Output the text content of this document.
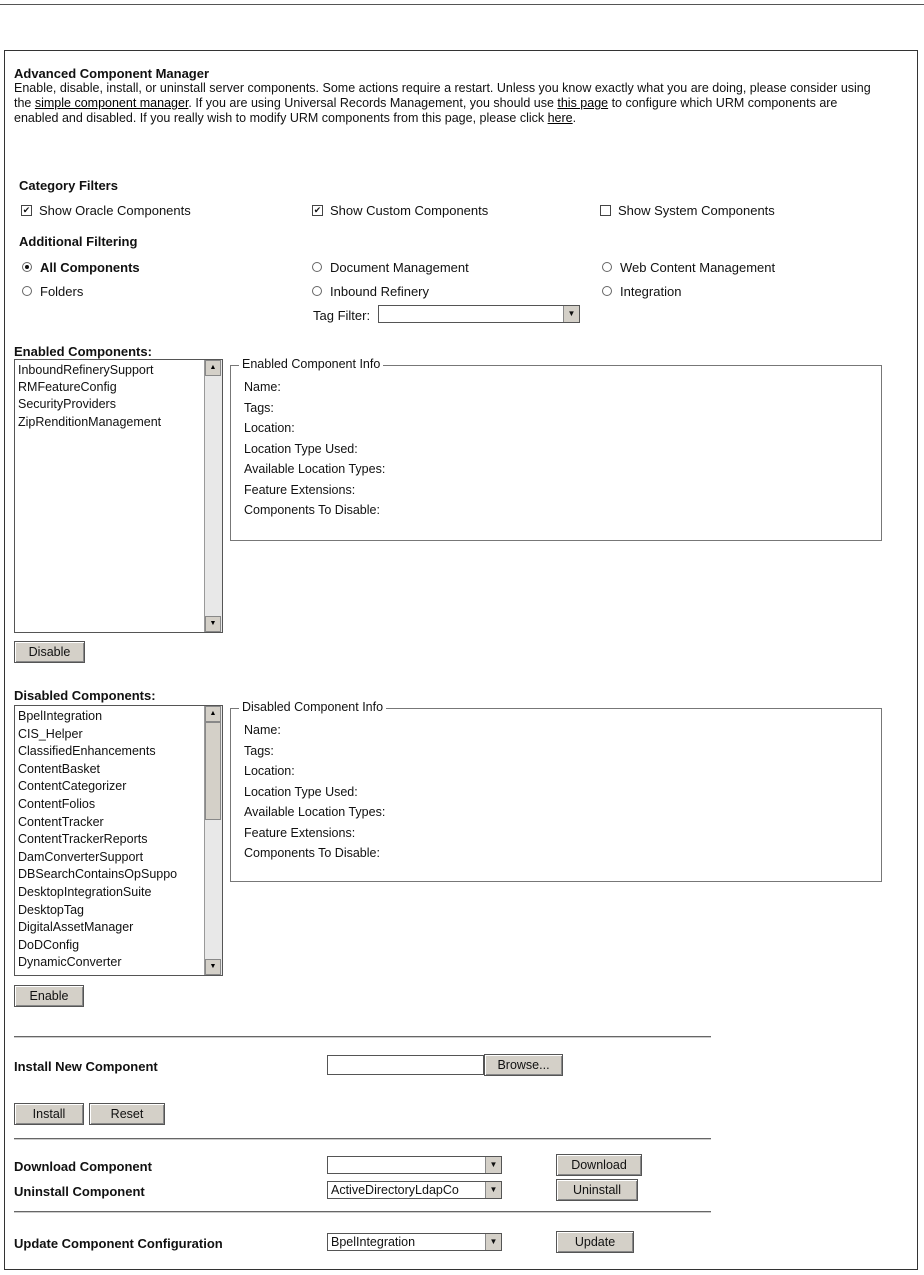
Advanced Component Manager
Enable, disable, install, or uninstall server components. Some actions require a restart. Unless you know exactly what you are doing, please consider using the simple component manager. If you are using Universal Records Management, you should use this page to configure which URM components are enabled and disabled. If you really wish to modify URM components from this page, please click here.
Category Filters
✔ Show Oracle Components	✔ Show Custom Components	Show System Components
Additional Filtering
All Components	Document Management	Web Content Management
Folders	Inbound Refinery	Integration
Tag Filter:	▼
Enabled Components:
InboundRefinerySupport
RMFeatureConfig
SecurityProviders
ZipRenditionManagement
▲
▼
Enabled Component Info
Name:
Tags:
Location:
Location Type Used:
Available Location Types:
Feature Extensions:
Components To Disable:
Disable
Disabled Components:
BpelIntegration
CIS_Helper
ClassifiedEnhancements
ContentBasket
ContentCategorizer
ContentFolios
ContentTracker
ContentTrackerReports
DamConverterSupport
DBSearchContainsOpSuppo
DesktopIntegrationSuite
DesktopTag
DigitalAssetManager
DoDConfig
DynamicConverter
▲
▼
Disabled Component Info
Name:
Tags:
Location:
Location Type Used:
Available Location Types:
Feature Extensions:
Components To Disable:
Enable
Install New Component	Browse...
Install	Reset
Download Component	▼	Download
Uninstall Component	ActiveDirectoryLdapCo	▼	Uninstall
Update Component Configuration	BpelIntegration	▼	Update
